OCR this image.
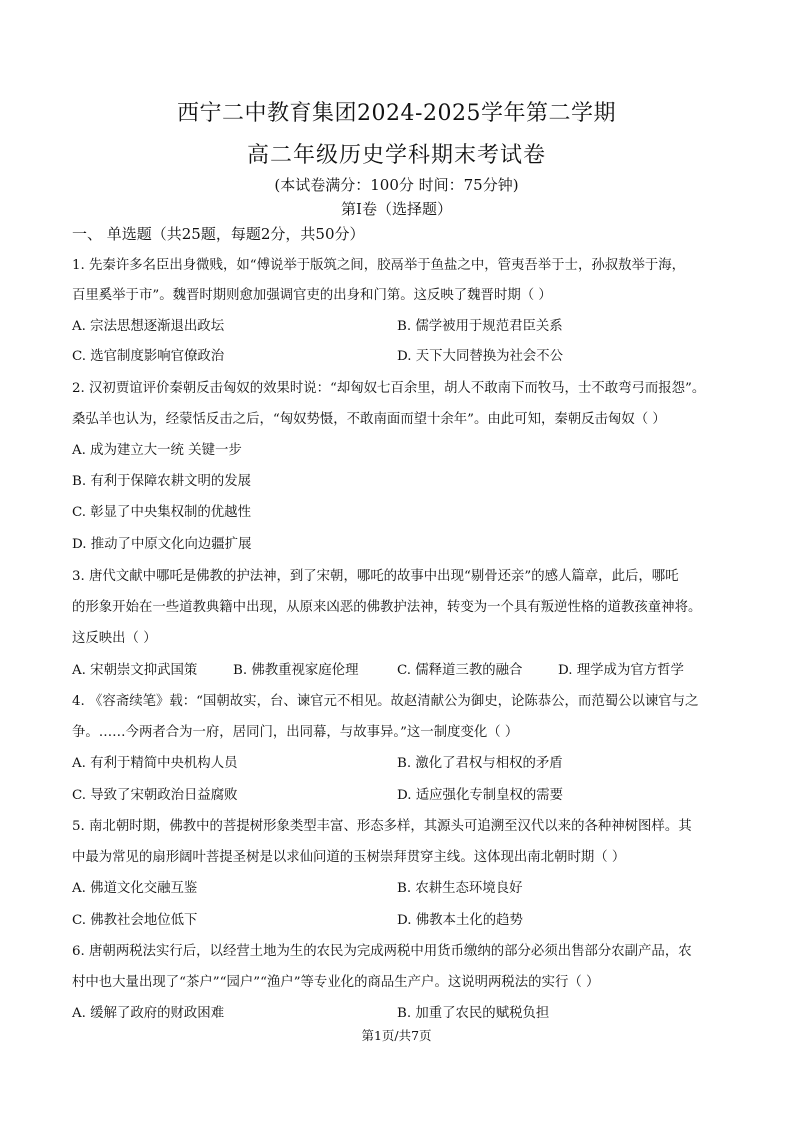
西宁二中教育集团2024-2025学年第二学期
高二年级历史学科期末考试卷
(本试卷满分：100分 时间：75分钟)
第I卷（选择题）
一、 单选题（共25题，每题2分，共50分）
1. 先秦许多名臣出身微贱，如“傅说举于版筑之间，胶鬲举于鱼盐之中，管夷吾举于士，孙叔敖举于海，
百里奚举于市”。魏晋时期则愈加强调官吏的出身和门第。这反映了魏晋时期（ ）
A. 宗法思想逐渐退出政坛	B. 儒学被用于规范君臣关系
C. 选官制度影响官僚政治	D. 天下大同替换为社会不公
2. 汉初贾谊评价秦朝反击匈奴的效果时说：“却匈奴七百余里，胡人不敢南下而牧马，士不敢弯弓而报怨”。
桑弘羊也认为，经蒙恬反击之后，“匈奴势慑，不敢南面而望十余年”。由此可知，秦朝反击匈奴（ ）
A. 成为建立大一统 关键一步
B. 有利于保障农耕文明的发展
C. 彰显了中央集权制的优越性
D. 推动了中原文化向边疆扩展
3. 唐代文献中哪吒是佛教的护法神，到了宋朝，哪吒的故事中出现“剔骨还亲”的感人篇章，此后，哪吒
的形象开始在一些道教典籍中出现，从原来凶恶的佛教护法神，转变为一个具有叛逆性格的道教孩童神将。
这反映出（ ）
A. 宋朝崇文抑武国策	B. 佛教重视家庭伦理	C. 儒释道三教的融合	D. 理学成为官方哲学
4. 《容斋续笔》载：“国朝故实，台、谏官元不相见。故赵清献公为御史，论陈恭公，而范蜀公以谏官与之
争。……今两者合为一府，居同门，出同幕，与故事异。”这一制度变化（ ）
A. 有利于精简中央机构人员	B. 激化了君权与相权的矛盾
C. 导致了宋朝政治日益腐败	D. 适应强化专制皇权的需要
5. 南北朝时期，佛教中的菩提树形象类型丰富、形态多样，其源头可追溯至汉代以来的各种神树图样。其
中最为常见的扇形阔叶菩提圣树是以求仙问道的玉树崇拜贯穿主线。这体现出南北朝时期（ ）
A. 佛道文化交融互鉴	B. 农耕生态环境良好
C. 佛教社会地位低下	D. 佛教本土化的趋势
6. 唐朝两税法实行后，以经营土地为生的农民为完成两税中用货币缴纳的部分必须出售部分农副产品，农
村中也大量出现了“茶户”“园户”“渔户”等专业化的商品生产户。这说明两税法的实行（ ）
A. 缓解了政府的财政困难	B. 加重了农民的赋税负担
第1页/共7页
